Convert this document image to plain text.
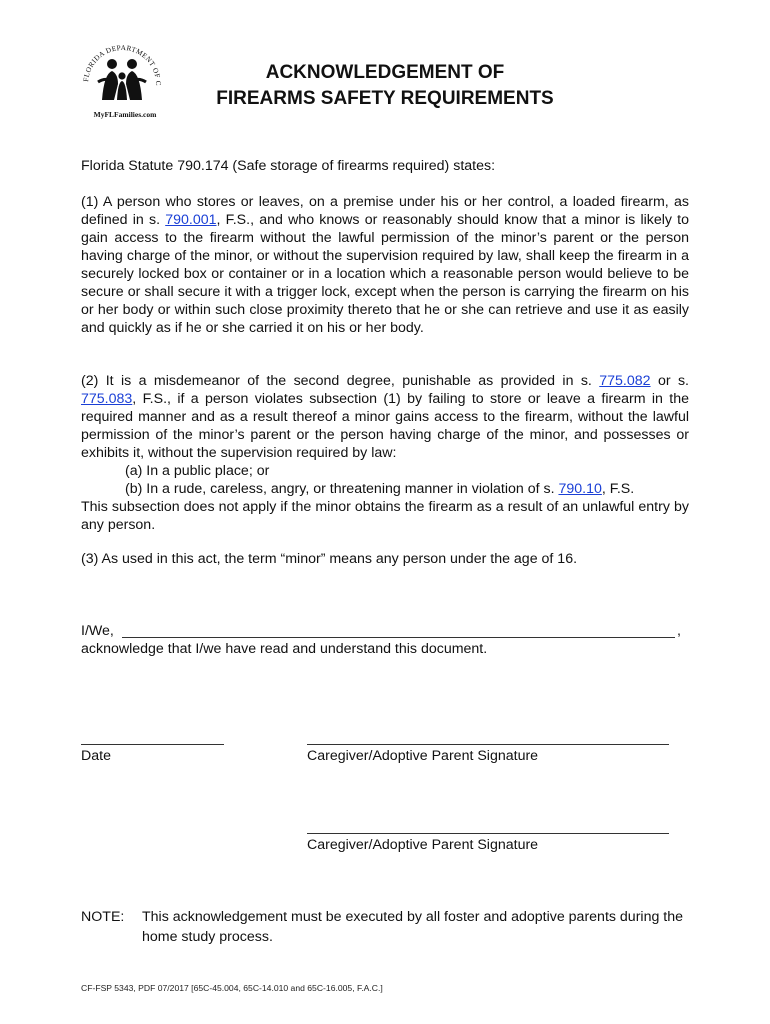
FLORIDA DEPARTMENT OF C
MyFLFamilies.com
ACKNOWLEDGEMENT OF
FIREARMS SAFETY REQUIREMENTS
Florida Statute 790.174 (Safe storage of firearms required) states:
(1) A person who stores or leaves, on a premise under his or her control, a loaded firearm, as defined in s. 790.001, F.S., and who knows or reasonably should know that a minor is likely to gain access to the firearm without the lawful permission of the minor’s parent or the person having charge of the minor, or without the supervision required by law, shall keep the firearm in a securely locked box or container or in a location which a reasonable person would believe to be secure or shall secure it with a trigger lock, except when the person is carrying the firearm on his or her body or within such close proximity thereto that he or she can retrieve and use it as easily and quickly as if he or she carried it on his or her body.
(2) It is a misdemeanor of the second degree, punishable as provided in s. 775.082 or s. 775.083, F.S., if a person violates subsection (1) by failing to store or leave a firearm in the required manner and as a result thereof a minor gains access to the firearm, without the lawful permission of the minor’s parent or the person having charge of the minor, and possesses or exhibits it, without the supervision required by law:
(a) In a public place; or
(b) In a rude, careless, angry, or threatening manner in violation of s. 790.10, F.S.
This subsection does not apply if the minor obtains the firearm as a result of an unlawful entry by any person.
(3) As used in this act, the term “minor” means any person under the age of 16.
I/We,	,
acknowledge that I/we have read and understand this document.
Date	Caregiver/Adoptive Parent Signature
Caregiver/Adoptive Parent Signature
NOTE: This acknowledgement must be executed by all foster and adoptive parents during the home study process.
CF-FSP 5343, PDF 07/2017 [65C-45.004, 65C-14.010 and 65C-16.005, F.A.C.]
